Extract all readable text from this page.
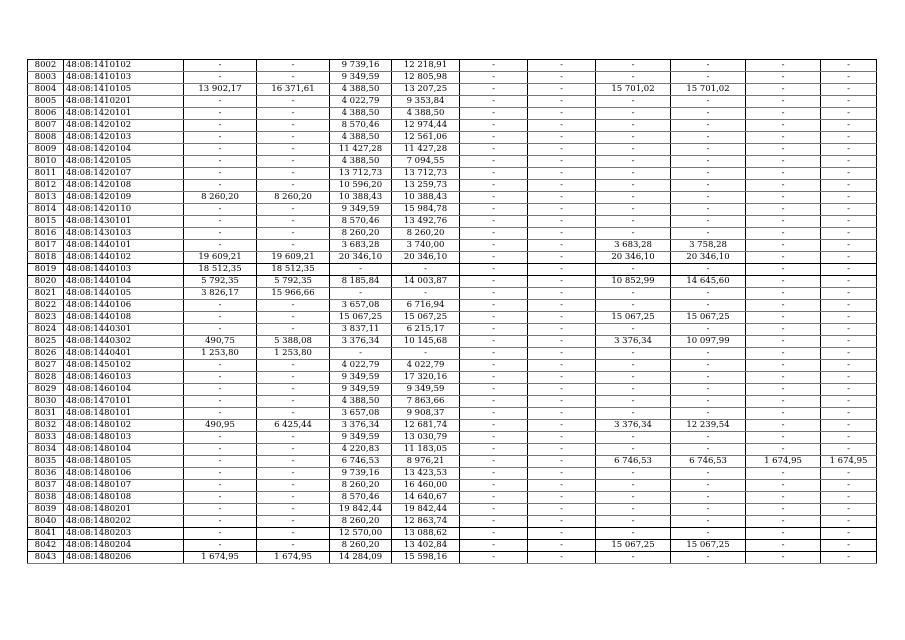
8002	48:08:1410102	-	-	9 739,16	12 218,91	-	-	-	-	-	-
8003	48:08:1410103	-	-	9 349,59	12 805,98	-	-	-	-	-	-
8004	48:08:1410105	13 902,17	16 371,61	4 388,50	13 207,25	-	-	15 701,02	15 701,02	-	-
8005	48:08:1410201	-	-	4 022,79	9 353,84	-	-	-	-	-	-
8006	48:08:1420101	-	-	4 388,50	4 388,50	-	-	-	-	-	-
8007	48:08:1420102	-	-	8 570,46	12 974,44	-	-	-	-	-	-
8008	48:08:1420103	-	-	4 388,50	12 561,06	-	-	-	-	-	-
8009	48:08:1420104	-	-	11 427,28	11 427,28	-	-	-	-	-	-
8010	48:08:1420105	-	-	4 388,50	7 094,55	-	-	-	-	-	-
8011	48:08:1420107	-	-	13 712,73	13 712,73	-	-	-	-	-	-
8012	48:08:1420108	-	-	10 596,20	13 259,73	-	-	-	-	-	-
8013	48:08:1420109	8 260,20	8 260,20	10 388,43	10 388,43	-	-	-	-	-	-
8014	48:08:1420110	-	-	9 349,59	15 984,78	-	-	-	-	-	-
8015	48:08:1430101	-	-	8 570,46	13 492,76	-	-	-	-	-	-
8016	48:08:1430103	-	-	8 260,20	8 260,20	-	-	-	-	-	-
8017	48:08:1440101	-	-	3 683,28	3 740,00	-	-	3 683,28	3 758,28	-	-
8018	48:08:1440102	19 609,21	19 609,21	20 346,10	20 346,10	-	-	20 346,10	20 346,10	-	-
8019	48:08:1440103	18 512,35	18 512,35	-	-	-	-	-	-	-	-
8020	48:08:1440104	5 792,35	5 792,35	8 185,84	14 003,87	-	-	10 852,99	14 645,60	-	-
8021	48:08:1440105	3 826,17	15 966,66	-	-	-	-	-	-	-	-
8022	48:08:1440106	-	-	3 657,08	6 716,94	-	-	-	-	-	-
8023	48:08:1440108	-	-	15 067,25	15 067,25	-	-	15 067,25	15 067,25	-	-
8024	48:08:1440301	-	-	3 837,11	6 215,17	-	-	-	-	-	-
8025	48:08:1440302	490,75	5 388,08	3 376,34	10 145,68	-	-	3 376,34	10 097,99	-	-
8026	48:08:1440401	1 253,80	1 253,80	-	-	-	-	-	-	-	-
8027	48:08:1450102	-	-	4 022,79	4 022,79	-	-	-	-	-	-
8028	48:08:1460103	-	-	9 349,59	17 320,16	-	-	-	-	-	-
8029	48:08:1460104	-	-	9 349,59	9 349,59	-	-	-	-	-	-
8030	48:08:1470101	-	-	4 388,50	7 863,66	-	-	-	-	-	-
8031	48:08:1480101	-	-	3 657,08	9 908,37	-	-	-	-	-	-
8032	48:08:1480102	490,95	6 425,44	3 376,34	12 681,74	-	-	3 376,34	12 239,54	-	-
8033	48:08:1480103	-	-	9 349,59	13 030,79	-	-	-	-	-	-
8034	48:08:1480104	-	-	4 220,83	11 183,05	-	-	-	-	-	-
8035	48:08:1480105	-	-	6 746,53	8 976,21	-	-	6 746,53	6 746,53	1 674,95	1 674,95
8036	48:08:1480106	-	-	9 739,16	13 423,53	-	-	-	-	-	-
8037	48:08:1480107	-	-	8 260,20	16 460,00	-	-	-	-	-	-
8038	48:08:1480108	-	-	8 570,46	14 640,67	-	-	-	-	-	-
8039	48:08:1480201	-	-	19 842,44	19 842,44	-	-	-	-	-	-
8040	48:08:1480202	-	-	8 260,20	12 863,74	-	-	-	-	-	-
8041	48:08:1480203	-	-	12 570,00	13 088,62	-	-	-	-	-	-
8042	48:08:1480204	-	-	8 260,20	13 402,84	-	-	15 067,25	15 067,25	-	-
8043	48:08:1480206	1 674,95	1 674,95	14 284,09	15 598,16	-	-	-	-	-	-
